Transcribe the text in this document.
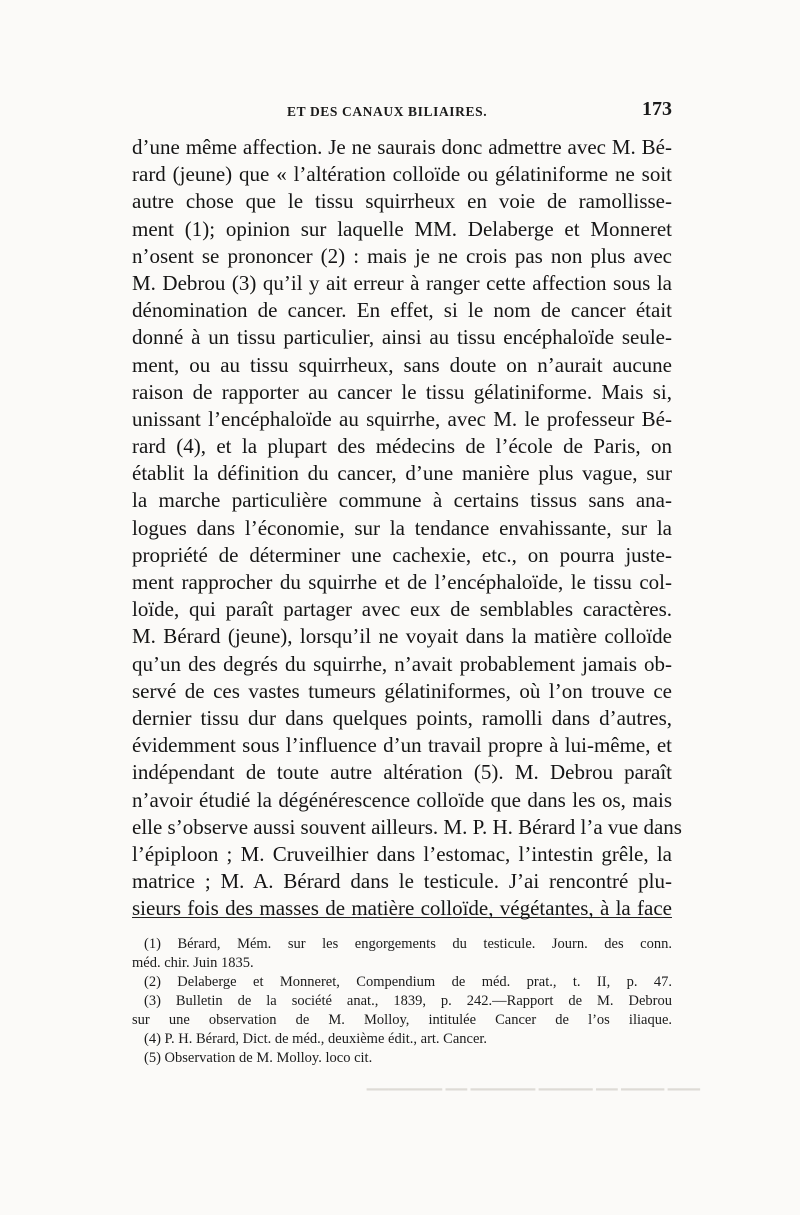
ET DES CANAUX BILIAIRES.	173
d’une même affection. Je ne saurais donc admettre avec M. Bé-
rard (jeune) que « l’altération colloïde ou gélatiniforme ne soit
autre chose que le tissu squirrheux en voie de ramollisse-
ment (1); opinion sur laquelle MM. Delaberge et Monneret
n’osent se prononcer (2) : mais je ne crois pas non plus avec
M. Debrou (3) qu’il y ait erreur à ranger cette affection sous la
dénomination de cancer. En effet, si le nom de cancer était
donné à un tissu particulier, ainsi au tissu encéphaloïde seule-
ment, ou au tissu squirrheux, sans doute on n’aurait aucune
raison de rapporter au cancer le tissu gélatiniforme. Mais si,
unissant l’encéphaloïde au squirrhe, avec M. le professeur Bé-
rard (4), et la plupart des médecins de l’école de Paris, on
établit la définition du cancer, d’une manière plus vague, sur
la marche particulière commune à certains tissus sans ana-
logues dans l’économie, sur la tendance envahissante, sur la
propriété de déterminer une cachexie, etc., on pourra juste-
ment rapprocher du squirrhe et de l’encéphaloïde, le tissu col-
loïde, qui paraît partager avec eux de semblables caractères.
M. Bérard (jeune), lorsqu’il ne voyait dans la matière colloïde
qu’un des degrés du squirrhe, n’avait probablement jamais ob-
servé de ces vastes tumeurs gélatiniformes, où l’on trouve ce
dernier tissu dur dans quelques points, ramolli dans d’autres,
évidemment sous l’influence d’un travail propre à lui-même, et
indépendant de toute autre altération (5). M. Debrou paraît
n’avoir étudié la dégénérescence colloïde que dans les os, mais
elle s’observe aussi souvent ailleurs. M. P. H. Bérard l’a vue dans
l’épiploon ; M. Cruveilhier dans l’estomac, l’intestin grêle, la
matrice ; M. A. Bérard dans le testicule. J’ai rencontré plu-
sieurs fois des masses de matière colloïde, végétantes, à la face
(1) Bérard, Mém. sur les engorgements du testicule. Journ. des conn.
méd. chir. Juin 1835.
(2) Delaberge et Monneret, Compendium de méd. prat., t. II, p. 47.
(3) Bulletin de la société anat., 1839, p. 242.—Rapport de M. Debrou
sur une observation de M. Molloy, intitulée Cancer de l’os iliaque.
(4) P. H. Bérard, Dict. de méd., deuxième édit., art. Cancer.
(5) Observation de M. Molloy. loco cit.
▁▁▁ ▁▁▁▁ ▁▁ ▁▁▁▁▁ ▁▁▁▁▁▁ ▁▁ ▁▁▁▁▁▁▁
